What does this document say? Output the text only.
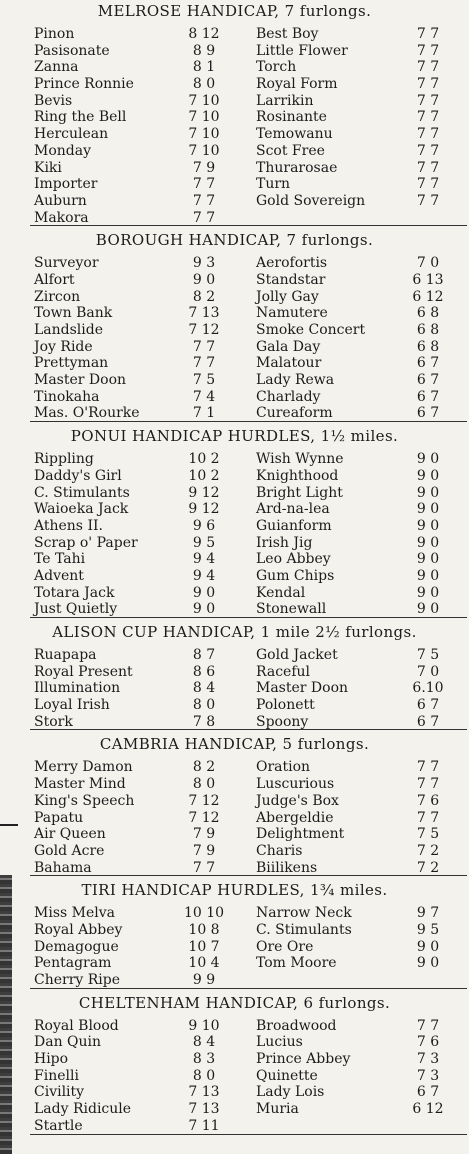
MELROSE HANDICAP, 7 furlongs.
Pinon	8 12	Best Boy	7 7
Pasisonate	8 9	Little Flower	7 7
Zanna	8 1	Torch	7 7
Prince Ronnie	8 0	Royal Form	7 7
Bevis	7 10	Larrikin	7 7
Ring the Bell	7 10	Rosinante	7 7
Herculean	7 10	Temowanu	7 7
Monday	7 10	Scot Free	7 7
Kiki	7 9	Thurarosae	7 7
Importer	7 7	Turn	7 7
Auburn	7 7	Gold Sovereign	7 7
Makora	7 7
BOROUGH HANDICAP, 7 furlongs.
Surveyor	9 3	Aerofortis	7 0
Alfort	9 0	Standstar	6 13
Zircon	8 2	Jolly Gay	6 12
Town Bank	7 13	Namutere	6 8
Landslide	7 12	Smoke Concert	6 8
Joy Ride	7 7	Gala Day	6 8
Prettyman	7 7	Malatour	6 7
Master Doon	7 5	Lady Rewa	6 7
Tinokaha	7 4	Charlady	6 7
Mas. O'Rourke	7 1	Cureaform	6 7
PONUI HANDICAP HURDLES, 1½ miles.
Rippling	10 2	Wish Wynne	9 0
Daddy's Girl	10 2	Knighthood	9 0
C. Stimulants	9 12	Bright Light	9 0
Waioeka Jack	9 12	Ard-na-lea	9 0
Athens II.	9 6	Guianform	9 0
Scrap o' Paper	9 5	Irish Jig	9 0
Te Tahi	9 4	Leo Abbey	9 0
Advent	9 4	Gum Chips	9 0
Totara Jack	9 0	Kendal	9 0
Just Quietly	9 0	Stonewall	9 0
ALISON CUP HANDICAP, 1 mile 2½ furlongs.
Ruapapa	8 7	Gold Jacket	7 5
Royal Present	8 6	Raceful	7 0
Illumination	8 4	Master Doon	6.10
Loyal Irish	8 0	Polonett	6 7
Stork	7 8	Spoony	6 7
CAMBRIA HANDICAP, 5 furlongs.
Merry Damon	8 2	Oration	7 7
Master Mind	8 0	Luscurious	7 7
King's Speech	7 12	Judge's Box	7 6
Papatu	7 12	Abergeldie	7 7
Air Queen	7 9	Delightment	7 5
Gold Acre	7 9	Charis	7 2
Bahama	7 7	Biilikens	7 2
TIRI HANDICAP HURDLES, 1¾ miles.
Miss Melva	10 10 Narrow Neck	9 7
Royal Abbey	10 8	C. Stimulants	9 5
Demagogue	10 7	Ore Ore	9 0
Pentagram	10 4	Tom Moore	9 0
Cherry Ripe	9 9
CHELTENHAM HANDICAP, 6 furlongs.
Royal Blood	9 10	Broadwood	7 7
Dan Quin	8 4	Lucius	7 6
Hipo	8 3	Prince Abbey	7 3
Finelli	8 0	Quinette	7 3
Civility	7 13	Lady Lois	6 7
Lady Ridicule	7 13	Muria	6 12
Startle	7 11
